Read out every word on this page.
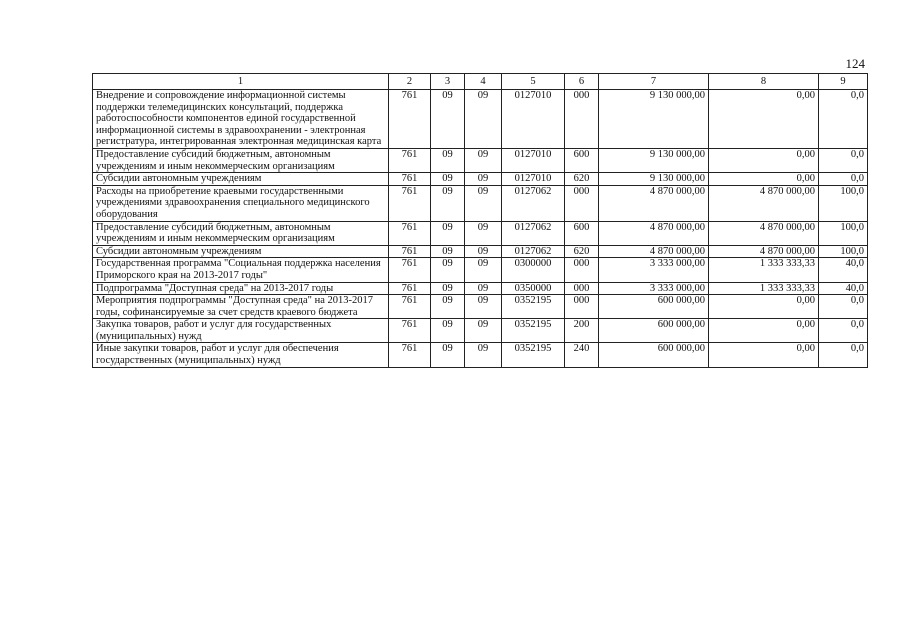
124
1	2	3	4	5	6	7	8	9
Внедрение и сопровождение информационной системы поддержки телемедицинских консультаций, поддержка работоспособности компонентов единой государственной информационной системы в здравоохранении - электронная регистратура, интегрированная электронная медицинская карта	761	09	09	0127010	000	9 130 000,00	0,00	0,0
Предоставление субсидий бюджетным, автономным учреждениям и иным некоммерческим организациям	761	09	09	0127010	600	9 130 000,00	0,00	0,0
Субсидии автономным учреждениям	761	09	09	0127010	620	9 130 000,00	0,00	0,0
Расходы на приобретение краевыми государственными учреждениями здравоохранения специального медицинского оборудования	761	09	09	0127062	000	4 870 000,00	4 870 000,00	100,0
Предоставление субсидий бюджетным, автономным учреждениям и иным некоммерческим организациям	761	09	09	0127062	600	4 870 000,00	4 870 000,00	100,0
Субсидии автономным учреждениям	761	09	09	0127062	620	4 870 000,00	4 870 000,00	100,0
Государственная программа "Социальная поддержка населения Приморского края на 2013-2017 годы"	761	09	09	0300000	000	3 333 000,00	1 333 333,33	40,0
Подпрограмма "Доступная среда" на 2013-2017 годы	761	09	09	0350000	000	3 333 000,00	1 333 333,33	40,0
Мероприятия подпрограммы "Доступная среда" на 2013-2017 годы, софинансируемые за счет средств краевого бюджета	761	09	09	0352195	000	600 000,00	0,00	0,0
Закупка товаров, работ и услуг для государственных (муниципальных) нужд	761	09	09	0352195	200	600 000,00	0,00	0,0
Иные закупки товаров, работ и услуг для обеспечения государственных (муниципальных) нужд	761	09	09	0352195	240	600 000,00	0,00	0,0
